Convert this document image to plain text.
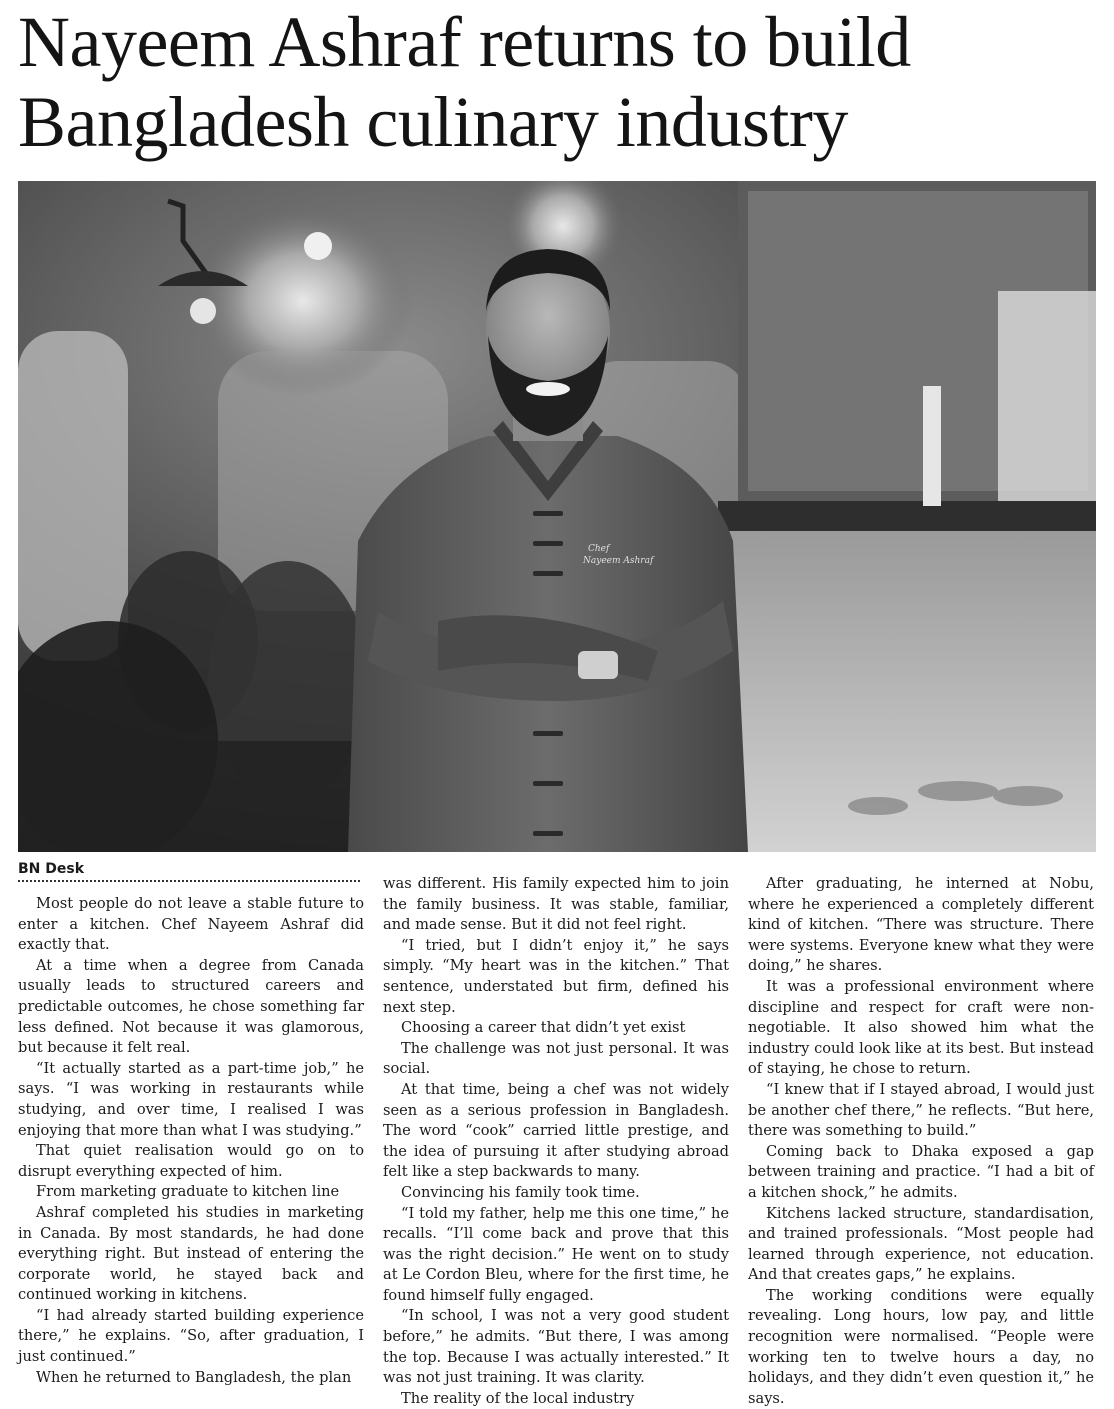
Nayeem Ashraf returns to build
Bangladesh culinary industry
Chef
Nayeem Ashraf
BN Desk

Most people do not leave a stable future to enter a kitchen. Chef Nayeem Ashraf did exactly that.

At a time when a degree from Canada usually leads to structured careers and predictable outcomes, he chose something far less defined. Not because it was glamorous, but because it felt real.

“It actually started as a part-time job,” he says. “I was working in restaurants while studying, and over time, I realised I was enjoying that more than what I was studying.”

That quiet realisation would go on to disrupt everything expected of him.

From marketing graduate to kitchen line

Ashraf completed his studies in marketing in Canada. By most standards, he had done everything right. But instead of entering the corporate world, he stayed back and continued working in kitchens.

“I had already started building experience there,” he explains. “So, after graduation, I just continued.”

When he returned to Bangladesh, the plan

was different. His family expected him to join the family business. It was stable, familiar, and made sense. But it did not feel right.

“I tried, but I didn’t enjoy it,” he says simply. “My heart was in the kitchen.” That sentence, understated but firm, defined his next step.

Choosing a career that didn’t yet exist

The challenge was not just personal. It was social.

At that time, being a chef was not widely seen as a serious profession in Bangladesh. The word “cook” carried little prestige, and the idea of pursuing it after studying abroad felt like a step backwards to many.

Convincing his family took time.

“I told my father, help me this one time,” he recalls. “I’ll come back and prove that this was the right decision.” He went on to study at Le Cordon Bleu, where for the first time, he found himself fully engaged.

“In school, I was not a very good student before,” he admits. “But there, I was among the top. Because I was actually interested.” It was not just training. It was clarity.

The reality of the local industry

After graduating, he interned at Nobu, where he experienced a completely different kind of kitchen. “There was structure. There were systems. Everyone knew what they were doing,” he shares.

It was a professional environment where discipline and respect for craft were non-negotiable. It also showed him what the industry could look like at its best. But instead of staying, he chose to return.

“I knew that if I stayed abroad, I would just be another chef there,” he reflects. “But here, there was something to build.”

Coming back to Dhaka exposed a gap between training and practice. “I had a bit of a kitchen shock,” he admits.

Kitchens lacked structure, standardisation, and trained professionals. “Most people had learned through experience, not education. And that creates gaps,” he explains.

The working conditions were equally revealing. Long hours, low pay, and little recognition were normalised. “People were working ten to twelve hours a day, no holidays, and they didn’t even question it,” he says.
